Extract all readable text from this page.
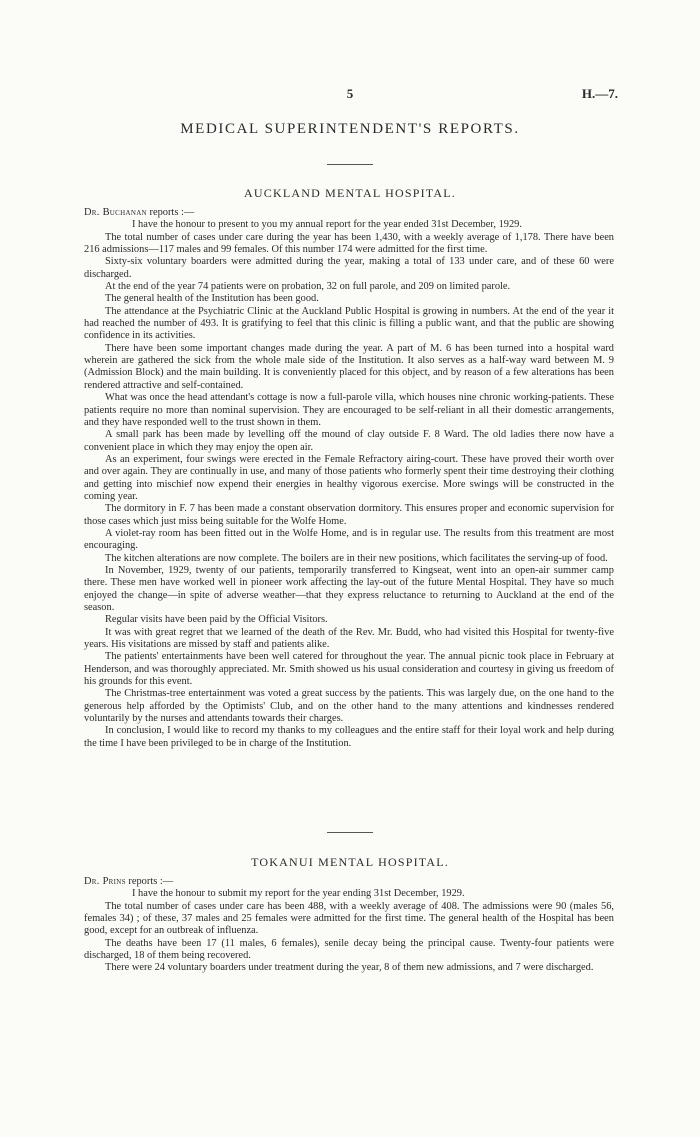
5	H.—7.
MEDICAL SUPERINTENDENT'S REPORTS.
AUCKLAND MENTAL HOSPITAL.

Dr. Buchanan reports :—

I have the honour to present to you my annual report for the year ended 31st December, 1929.

The total number of cases under care during the year has been 1,430, with a weekly average of 1,178. There have been 216 admissions—117 males and 99 females. Of this number 174 were admitted for the first time.

Sixty-six voluntary boarders were admitted during the year, making a total of 133 under care, and of these 60 were discharged.

At the end of the year 74 patients were on probation, 32 on full parole, and 209 on limited parole.

The general health of the Institution has been good.

The attendance at the Psychiatric Clinic at the Auckland Public Hospital is growing in numbers. At the end of the year it had reached the number of 493. It is gratifying to feel that this clinic is filling a public want, and that the public are showing confidence in its activities.

There have been some important changes made during the year. A part of M. 6 has been turned into a hospital ward wherein are gathered the sick from the whole male side of the Institution. It also serves as a half-way ward between M. 9 (Admission Block) and the main building. It is conveniently placed for this object, and by reason of a few alterations has been rendered attractive and self-contained.

What was once the head attendant's cottage is now a full-parole villa, which houses nine chronic working-patients. These patients require no more than nominal supervision. They are encouraged to be self-reliant in all their domestic arrangements, and they have responded well to the trust shown in them.

A small park has been made by levelling off the mound of clay outside F. 8 Ward. The old ladies there now have a convenient place in which they may enjoy the open air.

As an experiment, four swings were erected in the Female Refractory airing-court. These have proved their worth over and over again. They are continually in use, and many of those patients who formerly spent their time destroying their clothing and getting into mischief now expend their energies in healthy vigorous exercise. More swings will be constructed in the coming year.

The dormitory in F. 7 has been made a constant observation dormitory. This ensures proper and economic supervision for those cases which just miss being suitable for the Wolfe Home.

A violet-ray room has been fitted out in the Wolfe Home, and is in regular use. The results from this treatment are most encouraging.

The kitchen alterations are now complete. The boilers are in their new positions, which facilitates the serving-up of food.

In November, 1929, twenty of our patients, temporarily transferred to Kingseat, went into an open-air summer camp there. These men have worked well in pioneer work affecting the lay-out of the future Mental Hospital. They have so much enjoyed the change—in spite of adverse weather—that they express reluctance to returning to Auckland at the end of the season.

Regular visits have been paid by the Official Visitors.

It was with great regret that we learned of the death of the Rev. Mr. Budd, who had visited this Hospital for twenty-five years. His visitations are missed by staff and patients alike.

The patients' entertainments have been well catered for throughout the year. The annual picnic took place in February at Henderson, and was thoroughly appreciated. Mr. Smith showed us his usual consideration and courtesy in giving us freedom of his grounds for this event.

The Christmas-tree entertainment was voted a great success by the patients. This was largely due, on the one hand to the generous help afforded by the Optimists' Club, and on the other hand to the many attentions and kindnesses rendered voluntarily by the nurses and attendants towards their charges.

In conclusion, I would like to record my thanks to my colleagues and the entire staff for their loyal work and help during the time I have been privileged to be in charge of the Institution.

TOKANUI MENTAL HOSPITAL.

Dr. Prins reports :—

I have the honour to submit my report for the year ending 31st December, 1929.

The total number of cases under care has been 488, with a weekly average of 408. The admissions were 90 (males 56, females 34) ; of these, 37 males and 25 females were admitted for the first time. The general health of the Hospital has been good, except for an outbreak of influenza.

The deaths have been 17 (11 males, 6 females), senile decay being the principal cause. Twenty-four patients were discharged, 18 of them being recovered.

There were 24 voluntary boarders under treatment during the year, 8 of them new admissions, and 7 were discharged.
